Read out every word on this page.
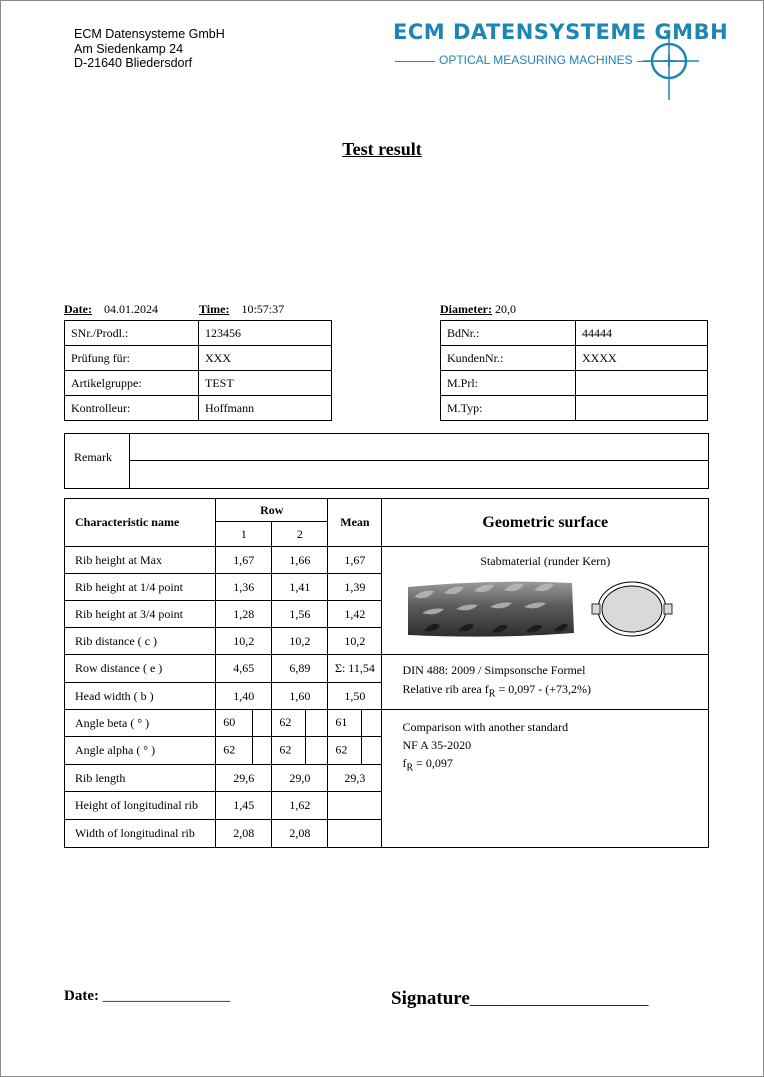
ECM Datensysteme GmbH
Am Siedenkamp 24
D-21640 Bliedersdorf
ECM DATENSYSTEME GMBH
OPTICAL MEASURING MACHINES
Test result
Date: 04.01.2024	Time: 10:57:37	Diameter: 20,0
SNr./Prodl.:	123456
Prüfung für:	XXX
Artikelgruppe:	TEST
Kontrolleur:	Hoffmann
BdNr.:	44444
KundenNr.:	XXXX
M.Prl:	
M.Typ:	
Remark
Characteristic name	Row		Mean	Geometric surface
	1	2		
Rib height at Max	1,67	1,66	1,67	Stabmaterial (runder Kern)

Rib height at 1/4 point	1,36	1,41	1,39	
Rib height at 3/4 point	1,28	1,56	1,42	
Rib distance ( c )	10,2	10,2	10,2	
Row distance ( e )	4,65	6,89	Σ: 11,54	DIN 488: 2009 / Simpsonsche Formel
Relative rib area $f_R = 0,097 - (+73,2\%)$

Head width ( b )	1,40	1,60	1,50	
Angle beta ( ° )	60	62	61	Comparison with another standard
NF A 35-2020
$f_R = 0,097$

Angle alpha ( ° )	62	62	62	
Rib length	29,6	29,0	29,3	
Height of longitudinal rib	1,45	1,62		
Width of longitudinal rib	2,08	2,08		
Date: _________________	Signature_____________________
